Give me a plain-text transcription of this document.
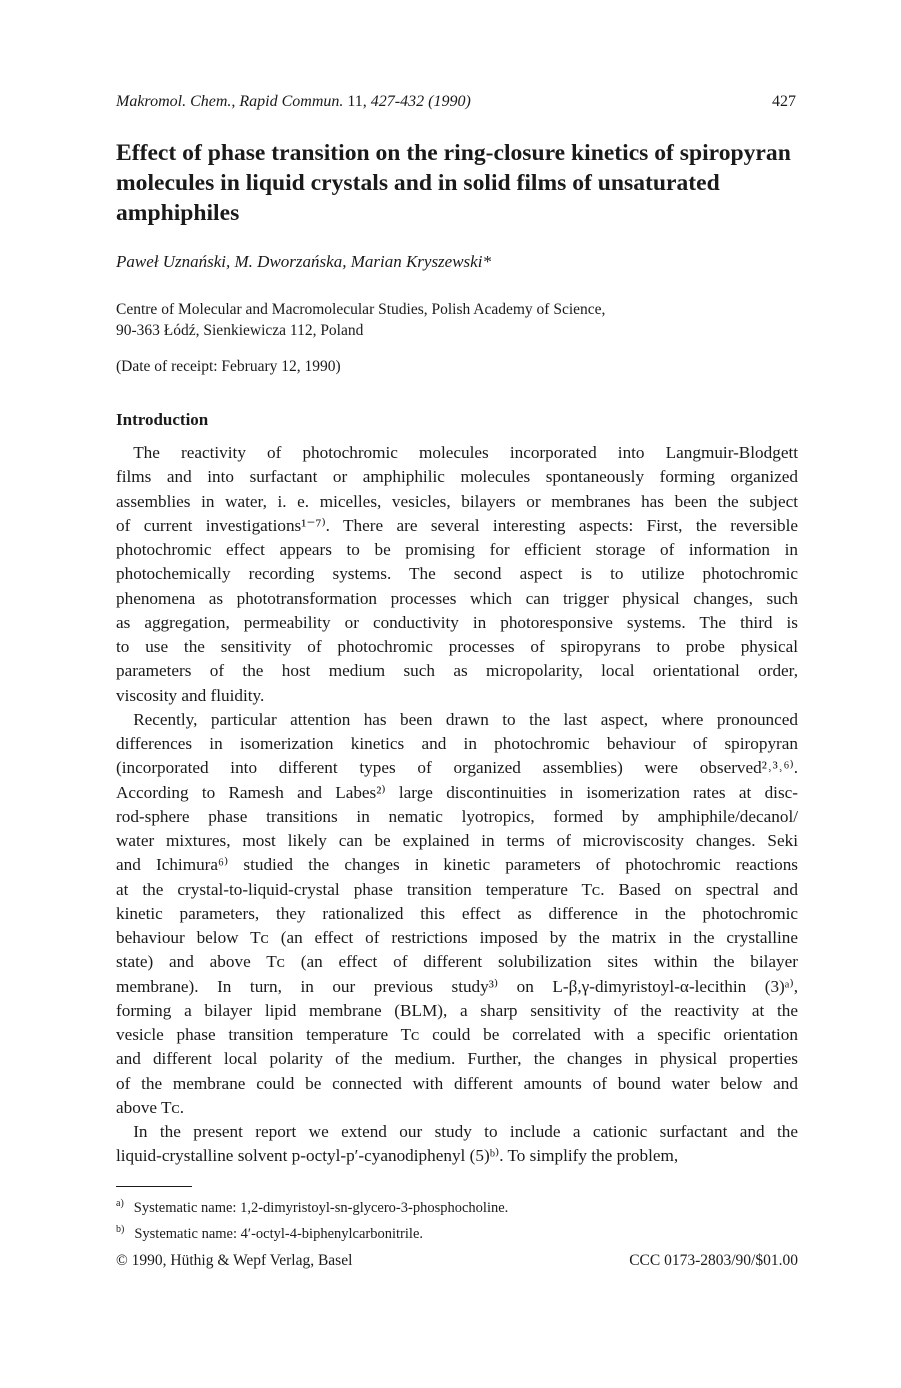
Makromol. Chem., Rapid Commun. 11, 427-432 (1990)	427
Effect of phase transition on the ring-closure kinetics of spiropyran molecules in liquid crystals and in solid films of unsaturated amphiphiles
Paweł Uznański, M. Dworzańska, Marian Kryszewski*
Centre of Molecular and Macromolecular Studies, Polish Academy of Science,
90-363 Łódź, Sienkiewicza 112, Poland
(Date of receipt: February 12, 1990)
Introduction
 The reactivity of photochromic molecules incorporated into Langmuir-Blodgett
films and into surfactant or amphiphilic molecules spontaneously forming organized
assemblies in water, i. e. micelles, vesicles, bilayers or membranes has been the subject
of current investigations¹⁻⁷⁾. There are several interesting aspects: First, the reversible
photochromic effect appears to be promising for efficient storage of information in
photochemically recording systems. The second aspect is to utilize photochromic
phenomena as phototransformation processes which can trigger physical changes, such
as aggregation, permeability or conductivity in photoresponsive systems. The third is
to use the sensitivity of photochromic processes of spiropyrans to probe physical
parameters of the host medium such as micropolarity, local orientational order,
viscosity and fluidity.
 Recently, particular attention has been drawn to the last aspect, where pronounced
differences in isomerization kinetics and in photochromic behaviour of spiropyran
(incorporated into different types of organized assemblies) were observed²˒³˒⁶⁾.
According to Ramesh and Labes²⁾ large discontinuities in isomerization rates at disc-
rod-sphere phase transitions in nematic lyotropics, formed by amphiphile/decanol/
water mixtures, most likely can be explained in terms of microviscosity changes. Seki
and Ichimura⁶⁾ studied the changes in kinetic parameters of photochromic reactions
at the crystal-to-liquid-crystal phase transition temperature Tᴄ. Based on spectral and
kinetic parameters, they rationalized this effect as difference in the photochromic
behaviour below Tᴄ (an effect of restrictions imposed by the matrix in the crystalline
state) and above Tᴄ (an effect of different solubilization sites within the bilayer
membrane). In turn, in our previous study³⁾ on L-β,γ-dimyristoyl-α-lecithin (3)ᵃ⁾,
forming a bilayer lipid membrane (BLM), a sharp sensitivity of the reactivity at the
vesicle phase transition temperature Tᴄ could be correlated with a specific orientation
and different local polarity of the medium. Further, the changes in physical properties
of the membrane could be connected with different amounts of bound water below and
above Tᴄ.
 In the present report we extend our study to include a cationic surfactant and the
liquid-crystalline solvent p-octyl-p′-cyanodiphenyl (5)ᵇ⁾. To simplify the problem,
$^{a)}$ Systematic name: 1,2-dimyristoyl-sn-glycero-3-phosphocholine.
$^{b)}$ Systematic name: 4′-octyl-4-biphenylcarbonitrile.
© 1990, Hüthig & Wepf Verlag, Basel	CCC 0173-2803/90/$01.00
